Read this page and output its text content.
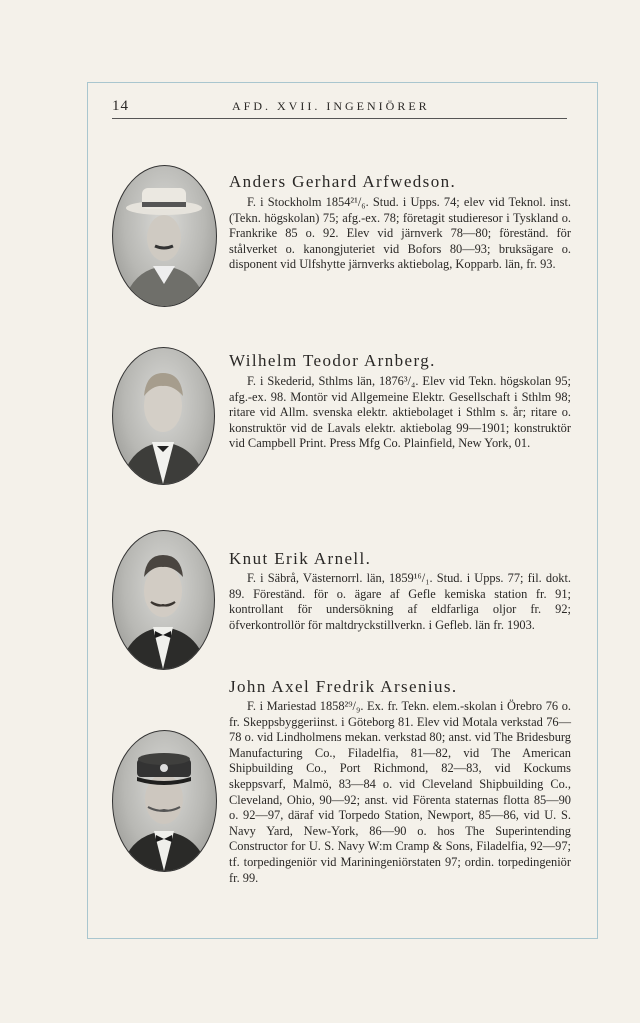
14	AFD. XVII. INGENIÖRER
Anders Gerhard Arfwedson.

F. i Stockholm 1854²¹/₆. Stud. i Upps. 74; elev vid Teknol. inst. (Tekn. högskolan) 75; afg.-ex. 78; företagit studieresor i Tyskland o. Frankrike 85 o. 92. Elev vid järnverk 78—80; föreständ. för stålverket o. kanongjuteriet vid Bofors 80—93; bruksägare o. disponent vid Ulfshytte järnverks aktiebolag, Kopparb. län, fr. 93.

Wilhelm Teodor Arnberg.

F. i Skederid, Sthlms län, 1876³/₄. Elev vid Tekn. högskolan 95; afg.-ex. 98. Montör vid Allgemeine Elektr. Gesellschaft i Sthlm 98; ritare vid Allm. svenska elektr. aktiebolaget i Sthlm s. år; ritare o. konstruktör vid de Lavals elektr. aktiebolag 99—1901; konstruktör vid Campbell Print. Press Mfg Co. Plainfield, New York, 01.

Knut Erik Arnell.

F. i Säbrå, Västernorrl. län, 1859¹⁶/₁. Stud. i Upps. 77; fil. dokt. 89. Föreständ. för o. ägare af Gefle kemiska station fr. 91; kontrollant för undersökning af eldfarliga oljor fr. 92; öfverkontrollör för maltdryckstillverkn. i Gefleb. län fr. 1903.

John Axel Fredrik Arsenius.

F. i Mariestad 1858²⁹/₉. Ex. fr. Tekn. elem.-skolan i Örebro 76 o. fr. Skeppsbyggeriinst. i Göteborg 81. Elev vid Motala verkstad 76—78 o. vid Lindholmens mekan. verkstad 80; anst. vid The Bridesburg Manufacturing Co., Filadelfia, 81—82, vid The American Shipbuilding Co., Port Richmond, 82—83, vid Kockums skeppsvarf, Malmö, 83—84 o. vid Cleveland Shipbuilding Co., Cleveland, Ohio, 90—92; anst. vid Förenta staternas flotta 85—90 o. 92—97, däraf vid Torpedo Station, Newport, 85—86, vid U. S. Navy Yard, New-York, 86—90 o. hos The Superintending Constructor for U. S. Navy W:m Cramp & Sons, Filadelfia, 92—97; tf. torpedingeniör vid Mariningeniörstaten 97; ordin. torpedingeniör fr. 99.
